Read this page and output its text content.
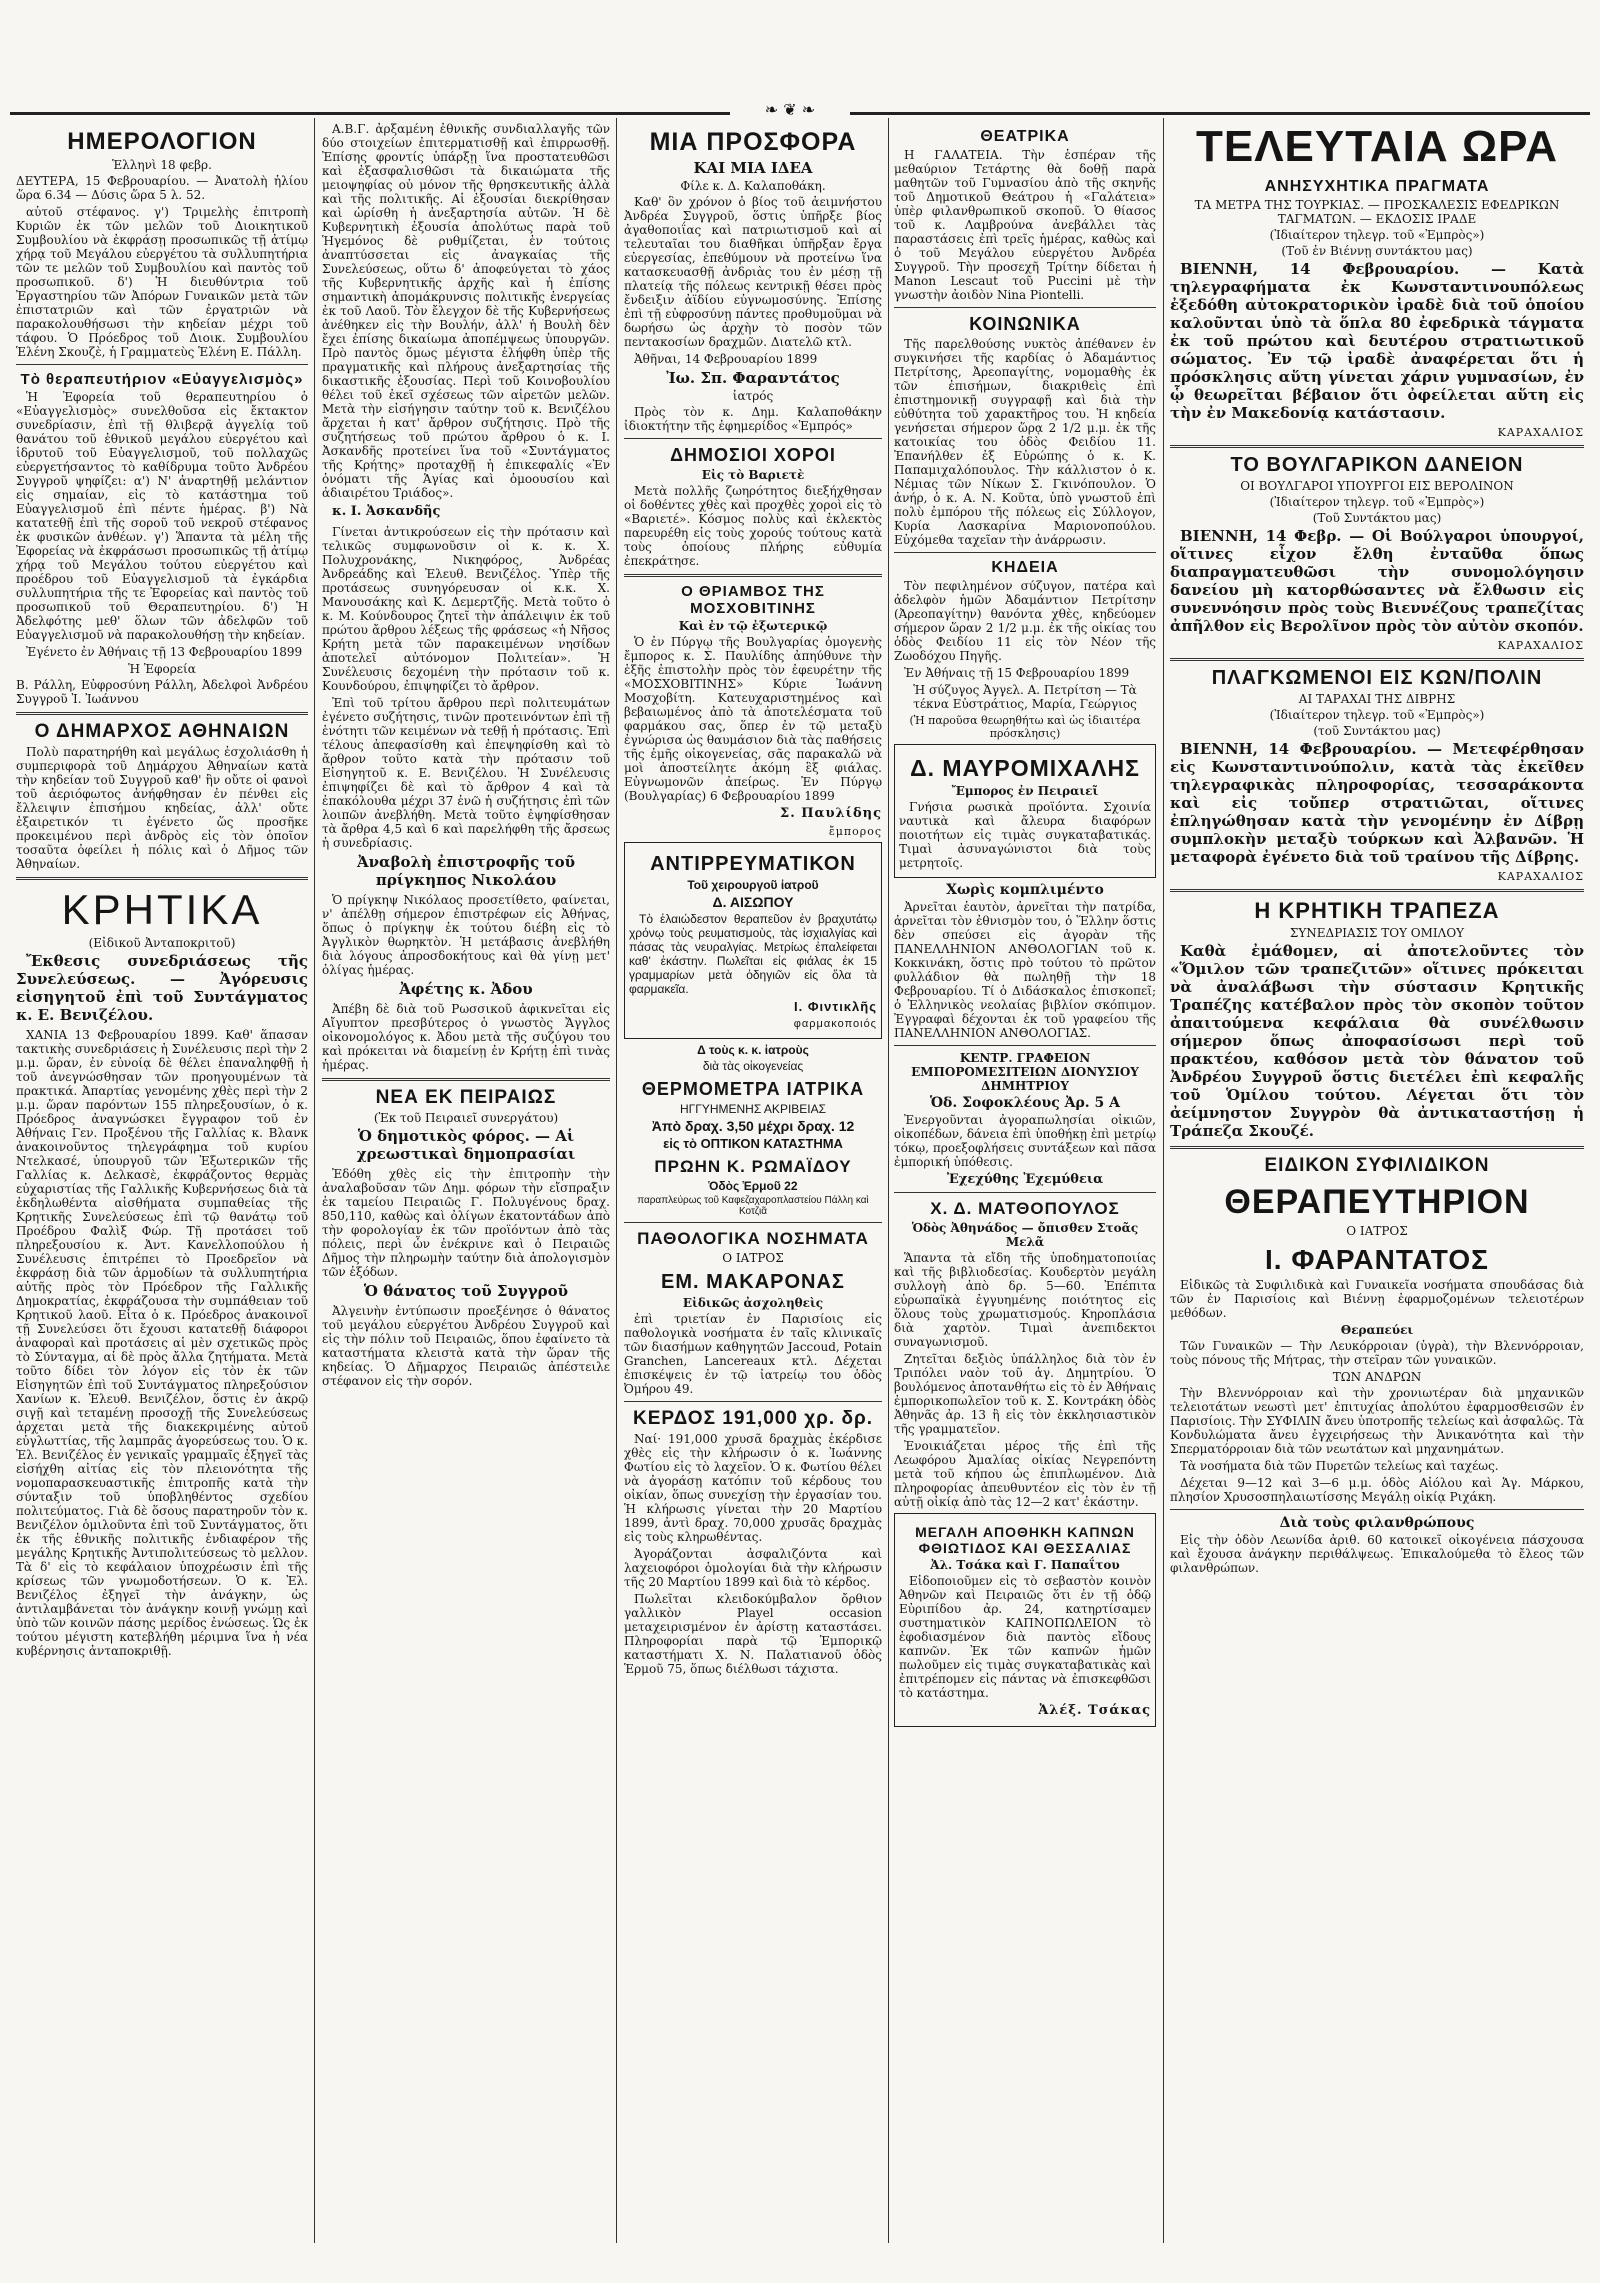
❧ ❦ ❧
ΗΜΕΡΟΛΟΓΙΟΝ
Ἑλληνὶ 18 φεβρ.

ΔΕΥΤΕΡΑ, 15 Φεβρουαρίου. — Ἀνατολὴ ἡλίου ὥρα 6.34 — Δύσις ὥρα 5 λ. 52.

αὐτοῦ στέφανος. γ') Τριμελὴς ἐπιτροπὴ Κυριῶν ἐκ τῶν μελῶν τοῦ Διοικητικοῦ Συμβουλίου νὰ ἐκφράσῃ προσωπικῶς τῇ ἀτίμῳ χήρᾳ τοῦ Μεγάλου εὐεργέτου τὰ συλλυπητήρια τῶν τε μελῶν τοῦ Συμβουλίου καὶ παντὸς τοῦ προσωπικοῦ. δ') Ἡ διευθύντρια τοῦ Ἐργαστηρίου τῶν Ἀπόρων Γυναικῶν μετὰ τῶν ἐπιστατριῶν καὶ τῶν ἐργατριῶν νὰ παρακολουθήσωσι τὴν κηδείαν μέχρι τοῦ τάφου. Ὁ Πρόεδρος τοῦ Διοικ. Συμβουλίου Ἑλένη Σκουζὲ, ἡ Γραμματεὺς Ἑλένη Ε. Πάλλη.

Τὸ θεραπευτήριον «Εὐαγγελισμὸς»

Ἡ Ἐφορεία τοῦ θεραπευτηρίου ὁ «Εὐαγγελισμὸς» συνελθοῦσα εἰς ἔκτακτον συνεδρίασιν, ἐπὶ τῇ θλιβερᾷ ἀγγελίᾳ τοῦ θανάτου τοῦ ἐθνικοῦ μεγάλου εὐεργέτου καὶ ἱδρυτοῦ τοῦ Εὐαγγελισμοῦ, τοῦ πολλαχῶς εὐεργετήσαντος τὸ καθίδρυμα τοῦτο Ἀνδρέου Συγγροῦ ψηφίζει: α') Ν' ἀναρτηθῇ μελάντιον εἰς σημαίαν, εἰς τὸ κατάστημα τοῦ Εὐαγγελισμοῦ ἐπὶ πέντε ἡμέρας. β') Νὰ κατατεθῇ ἐπὶ τῆς σοροῦ τοῦ νεκροῦ στέφανος ἐκ φυσικῶν ἀνθέων. γ') Ἅπαντα τὰ μέλη τῆς Ἐφορείας νὰ ἐκφράσωσι προσωπικῶς τῇ ἀτίμῳ χήρᾳ τοῦ Μεγάλου τούτου εὐεργέτου καὶ προέδρου τοῦ Εὐαγγελισμοῦ τὰ ἐγκάρδια συλλυπητήρια τῆς τε Ἐφορείας καὶ παντὸς τοῦ προσωπικοῦ τοῦ Θεραπευτηρίου. δ') Ἡ Ἀδελφότης μεθ' ὅλων τῶν ἀδελφῶν τοῦ Εὐαγγελισμοῦ νὰ παρακολουθήσῃ τὴν κηδείαν.

Ἐγένετο ἐν Ἀθήναις τῇ 13 Φεβρουαρίου 1899

Ἡ Ἐφορεία

Β. Ράλλη, Εὐφροσύνη Ράλλη, Ἀδελφοὶ Ἀνδρέου Συγγροῦ Ἰ. Ἰωάννου

Ο ΔΗΜΑΡΧΟΣ ΑΘΗΝΑΙΩΝ

Πολὺ παρατηρήθη καὶ μεγάλως ἐσχολιάσθη ἡ συμπεριφορὰ τοῦ Δημάρχου Ἀθηναίων κατὰ τὴν κηδείαν τοῦ Συγγροῦ καθ' ἣν οὔτε οἱ φανοὶ τοῦ ἀεριόφωτος ἀνήφθησαν ἐν πένθει εἰς ἔλλειψιν ἐπισήμου κηδείας, ἀλλ' οὔτε ἐξαιρετικόν τι ἐγένετο ὥς προσῆκε προκειμένου περὶ ἀνδρὸς εἰς τὸν ὁποῖον τοσαῦτα ὀφείλει ἡ πόλις καὶ ὁ Δῆμος τῶν Ἀθηναίων.

ΚΡΗΤΙΚΑ
(Εἰδικοῦ Ἀνταποκριτοῦ)
Ἔκθεσις συνεδριάσεως τῆς Συνελεύσεως. — Ἀγόρευσις εἰσηγητοῦ ἐπὶ τοῦ Συντάγματος κ. Ε. Βενιζέλου.

ΧΑΝΙΑ 13 Φεβρουαρίου 1899. Καθ' ἅπασαν τακτικὴς συνεδριάσεις ἡ Συνέλευσις περὶ τὴν 2 μ.μ. ὥραν, ἐν εὐνοίᾳ δὲ θέλει ἐπαναληφθῇ ἡ τοῦ ἀνεγνώσθησαν τῶν προηγουμένων τὰ πρακτικά. Ἀπαρτίας γενομένης χθὲς περὶ τὴν 2 μ.μ. ὥραν παρόντων 155 πληρεξουσίων, ὁ κ. Πρόεδρος ἀναγνώσκει ἔγγραφον τοῦ ἐν Ἀθήναις Γεν. Προξένου τῆς Γαλλίας κ. Βλανκ ἀνακοινοῦντος τηλεγράφημα τοῦ κυρίου Ντελκασέ, ὑπουργοῦ τῶν Ἐξωτερικῶν τῆς Γαλλίας κ. Δελκασὲ, ἐκφράζοντος θερμὰς εὐχαριστίας τῆς Γαλλικῆς Κυβερνήσεως διὰ τὰ ἐκδηλωθέντα αἰσθήματα συμπαθείας τῆς Κρητικῆς Συνελεύσεως ἐπὶ τῷ θανάτῳ τοῦ Προέδρου Φαλὶξ Φώρ. Τῇ προτάσει τοῦ πληρεξουσίου κ. Ἀντ. Κανελλοπούλου ἡ Συνέλευσις ἐπιτρέπει τὸ Προεδρεῖον νὰ ἐκφράσῃ διὰ τῶν ἁρμοδίων τὰ συλλυπητήρια αὐτῆς πρὸς τὸν Πρόεδρον τῆς Γαλλικῆς Δημοκρατίας, ἐκφράζουσα τὴν συμπάθειαν τοῦ Κρητικοῦ λαοῦ. Εἶτα ὁ κ. Πρόεδρος ἀνακοινοῖ τῇ Συνελεύσει ὅτι ἔχουσι κατατεθῇ διάφοροι ἀναφοραὶ καὶ προτάσεις αἱ μὲν σχετικῶς πρὸς τὸ Σύνταγμα, αἱ δὲ πρὸς ἄλλα ζητήματα. Μετὰ τοῦτο δίδει τὸν λόγον εἰς τὸν ἐκ τῶν Εἰσηγητῶν ἐπὶ τοῦ Συντάγματος πληρεξούσιον Χανίων κ. Ἐλευθ. Βενιζέλον, ὅστις ἐν ἀκρῷ σιγῇ καὶ τεταμένῃ προσοχῇ τῆς Συνελεύσεως ἀρχεται μετὰ τῆς διακεκριμένης αὐτοῦ εὐγλωττίας, τῆς λαμπρᾶς ἀγορεύσεως του. Ὁ κ. Ἐλ. Βενιζέλος ἐν γενικαῖς γραμμαῖς ἐξηγεῖ τὰς εἰσήχθη αἰτίας εἰς τὸν πλειονότητα τῆς νομοπαρασκευαστικῆς ἐπιτροπῆς κατὰ τὴν σύνταξιν τοῦ ὑποβληθέντος σχεδίου πολιτεύματος. Γιὰ δὲ ὅσους παρατηροῦν τὸν κ. Βενιζέλον ὁμιλοῦντα ἐπὶ τοῦ Συντάγματος, ὅτι ἐκ τῆς ἐθνικῆς πολιτικῆς ἐνδιαφέρον τῆς μεγάλης Κρητικῆς Ἀντιπολιτεύσεως τὸ μελλον. Τὰ δ' εἰς τὸ κεφάλαιον ὑποχρέωσιν ἐπὶ τῆς κρίσεως τῶν γνωμοδοτήσεων. Ὁ κ. Ἐλ. Βενιζέλος ἐξηγεῖ τὴν ἀνάγκην, ὡς ἀντιλαμβάνεται τὸν ἀνάγκην κοινῇ γνώμῃ καὶ ὑπὸ τῶν κοινῶν πάσης μερίδος ἐνώσεως. Ὡς ἐκ τούτου μέγιστη κατεβλήθη μέριμνα ἵνα ἡ νέα κυβέρνησις ἀνταποκριθῇ.

Α.Β.Γ. ἀρξαμένη ἐθνικῆς συνδιαλλαγῆς τῶν δύο στοιχείων ἐπιτερματισθῇ καὶ ἐπιρρωσθῇ. Ἐπίσης φροντίς ὑπάρξῃ ἵνα προστατευθῶσι καὶ ἐξασφαλισθῶσι τὰ δικαιώματα τῆς μειοψηφίας οὐ μόνον τῆς θρησκευτικῆς ἀλλὰ καὶ τῆς πολιτικῆς. Αἱ ἐξουσίαι διεκρίθησαν καὶ ὡρίσθη ἡ ἀνεξαρτησία αὐτῶν. Ἡ δὲ Κυβερνητικὴ ἐξουσία ἀπολύτως παρὰ τοῦ Ἡγεμόνος δὲ ρυθμίζεται, ἐν τούτοις ἀναπτύσσεται εἰς ἀναγκαίας τῆς Συνελεύσεως, οὕτω δ' ἀποφεύγεται τὸ χάος τῆς Κυβερνητικῆς ἀρχῆς καὶ ἡ ἐπίσης σημαντικὴ ἀπομάκρυνσις πολιτικῆς ἐνεργείας ἐκ τοῦ Λαοῦ. Τὸν ἔλεγχον δὲ τῆς Κυβερνήσεως ἀνέθηκεν εἰς τὴν Βουλήν, ἀλλ' ἡ Βουλὴ δὲν ἔχει ἐπίσης δικαίωμα ἀποπέμψεως ὑπουργῶν. Πρὸ παντὸς ὅμως μέγιστα ἐλήφθη ὑπὲρ τῆς πραγματικῆς καὶ πλήρους ἀνεξαρτησίας τῆς δικαστικῆς ἐξουσίας. Περὶ τοῦ Κοινοβουλίου θέλει τοῦ ἐκεῖ σχέσεως τῶν αἰρετῶν μελῶν. Μετὰ τὴν εἰσήγησιν ταύτην τοῦ κ. Βενιζέλου ἄρχεται ἡ κατ' ἄρθρον συζήτησις. Πρὸ τῆς συζητήσεως τοῦ πρώτου ἄρθρου ὁ κ. Ι. Ἀσκανδῆς προτείνει ἵνα τοῦ «Συντάγματος τῆς Κρήτης» προταχθῇ ἡ ἐπικεφαλίς «Ἐν ὀνόματι τῆς Ἁγίας καὶ ὁμοουσίου καὶ ἀδιαιρέτου Τριάδος».

κ. Ι. Ἀσκανδῆς

Γίνεται ἀντικρούσεων εἰς τὴν πρότασιν καὶ τελικῶς συμφωνοῦσιν οἱ κ. κ. Χ. Πολυχρονάκης, Νικηφόρος, Ἀνδρέας Ἀνδρεάδης καὶ Ἐλευθ. Βενιζέλος. Ὑπὲρ τῆς προτάσεως συνηγόρευσαν οἱ κ.κ. Χ. Μανουσάκης καὶ Κ. Δεμερτζῆς. Μετὰ τοῦτο ὁ κ. Μ. Κούνδουρος ζητεῖ τὴν ἀπάλειψιν ἐκ τοῦ πρώτου ἄρθρου λέξεως τῆς φράσεως «ἡ Νῆσος Κρήτη μετὰ τῶν παρακειμένων νησίδων ἀποτελεῖ αὐτόνομον Πολιτείαν». Ἡ Συνέλευσις δεχομένη τὴν πρότασιν τοῦ κ. Κουνδούρου, ἐπιψηφίζει τὸ ἄρθρον.

Ἐπὶ τοῦ τρίτου ἄρθρου περὶ πολιτευμάτων ἐγένετο συζήτησις, τινῶν προτεινόντων ἐπὶ τῇ ἑνότητι τῶν κειμένων νὰ τεθῇ ἡ πρότασις. Ἐπὶ τέλους ἀπεφασίσθη καὶ ἐπεψηφίσθη καὶ τὸ ἄρθρον τοῦτο κατὰ τὴν πρότασιν τοῦ Εἰσηγητοῦ κ. Ε. Βενιζέλου. Ἡ Συνέλευσις ἐπιψηφίζει δὲ καὶ τὸ ἄρθρον 4 καὶ τὰ ἐπακόλουθα μέχρι 37 ἐνῶ ἡ συζήτησις ἐπὶ τῶν λοιπῶν ἀνεβλήθη. Μετὰ τοῦτο ἐψηφίσθησαν τὰ ἄρθρα 4,5 καὶ 6 καὶ παρελήφθη τῆς ἄρσεως ἡ συνεδρίασις.

Ἀναβολὴ ἐπιστροφῆς τοῦ πρίγκηπος Νικολάου

Ὁ πρίγκηψ Νικόλαος προσετίθετο, φαίνεται, ν' ἀπέλθῃ σήμερον ἐπιστρέφων εἰς Ἀθήνας, ὅπως ὁ πρίγκηψ ἐκ τούτου διέβη εἰς τὸ Ἀγγλικὸν θωρηκτὸν. Ἡ μετάβασις ἀνεβλήθη διὰ λόγους ἀπροσδοκήτους καὶ θὰ γίνῃ μετ' ὀλίγας ἡμέρας.

Ἀφέτης κ. Ἀδου

Ἀπέβη δὲ διὰ τοῦ Ρωσσικοῦ ἀφικνεῖται εἰς Αἴγυπτον πρεσβύτερος ὁ γνωστὸς Ἄγγλος οἰκονομολόγος κ. Ἀδου μετὰ τῆς συζύγου του καὶ πρόκειται νὰ διαμείνῃ ἐν Κρήτῃ ἐπὶ τινὰς ἡμέρας.

ΝΕΑ ΕΚ ΠΕΙΡΑΙΩΣ
(Ἐκ τοῦ Πειραιεῖ συνεργάτου)
Ὁ δημοτικὸς φόρος. — Αἱ χρεωστικαὶ δημοπρασίαι

Ἐδόθη χθὲς εἰς τὴν ἐπιτροπὴν τὴν ἀναλαβοῦσαν τῶν Δημ. φόρων τὴν εἴσπραξιν ἐκ ταμείου Πειραιῶς Γ. Πολυγένους δραχ. 850,110, καθὼς καὶ ὀλίγων ἑκατοντάδων ἀπὸ τὴν φορολογίαν ἐκ τῶν προϊόντων ἀπὸ τὰς πόλεις, περὶ ὧν ἐνέκρινε καὶ ὁ Πειραιῶς Δῆμος τὴν πληρωμὴν ταύτην διὰ ἀπολογισμὸν τῶν ἐξόδων.

Ὁ θάνατος τοῦ Συγγροῦ

Ἀλγεινὴν ἐντύπωσιν προεξένησε ὁ θάνατος τοῦ μεγάλου εὐεργέτου Ἀνδρέου Συγγροῦ καὶ εἰς τὴν πόλιν τοῦ Πειραιῶς, ὅπου ἐφαίνετο τὰ καταστήματα κλειστὰ κατὰ τὴν ὥραν τῆς κηδείας. Ὁ Δῆμαρχος Πειραιῶς ἀπέστειλε στέφανον εἰς τὴν σορόν.

ΜΙΑ ΠΡΟΣΦΟΡΑ
ΚΑΙ ΜΙΑ ΙΔΕΑ
Φίλε κ. Δ. Καλαποθάκη.

Καθ' ὃν χρόνον ὁ βίος τοῦ ἀειμνήστου Ἀνδρέα Συγγροῦ, ὅστις ὑπῆρξε βίος ἀγαθοποιΐας καὶ πατριωτισμοῦ καὶ αἱ τελευταῖαι του διαθῆκαι ὑπῆρξαν ἔργα εὐεργεσίας, ἐπεθύμουν νὰ προτείνω ἵνα κατασκευασθῇ ἀνδριὰς του ἐν μέσῃ τῇ πλατείᾳ τῆς πόλεως κεντρικῇ θέσει πρὸς ἔνδειξιν ἀϊδίου εὐγνωμοσύνης. Ἐπίσης ἐπὶ τῇ εὐφροσύνῃ πάντες προθυμοῦμαι νὰ δωρήσω ὡς ἀρχὴν τὸ ποσὸν τῶν πεντακοσίων δραχμῶν. Διατελῶ κτλ.

Ἀθῆναι, 14 Φεβρουαρίου 1899

Ἰω. Σπ. Φαραντάτος
ἰατρός

Πρὸς τὸν κ. Δημ. Καλαποθάκην ἰδιοκτήτην τῆς ἐφημερίδος «Ἐμπρός»

ΔΗΜΟΣΙΟΙ ΧΟΡΟΙ
Εἰς τὸ Βαριετὲ

Μετὰ πολλῆς ζωηρότητος διεξήχθησαν οἱ δοθέντες χθὲς καὶ προχθὲς χοροὶ εἰς τὸ «Βαριετέ». Κόσμος πολὺς καὶ ἐκλεκτὸς παρευρέθη εἰς τοὺς χορούς τούτους κατὰ τοὺς ὁποίους πλήρης εὐθυμία ἐπεκράτησε.

Ο ΘΡΙΑΜΒΟΣ ΤΗΣ ΜΟΣΧΟΒΙΤΙΝΗΣ
Καὶ ἐν τῷ ἐξωτερικῷ

Ὁ ἐν Πύργῳ τῆς Βουλγαρίας ὁμογενὴς ἔμπορος κ. Σ. Παυλίδης ἀπηύθυνε τὴν ἑξῆς ἐπιστολὴν πρὸς τὸν ἐφευρέτην τῆς «ΜΟΣΧΟΒΙΤΙΝΗΣ» Κύριε Ἰωάννη Μοσχοβίτη. Κατευχαριστημένος καὶ βεβαιωμένος ἀπὸ τὰ ἀποτελέσματα τοῦ φαρμάκου σας, ὅπερ ἐν τῷ μεταξὺ ἐγνώρισα ὡς θαυμάσιον διὰ τὰς παθήσεις τῆς ἐμῆς οἰκογενείας, σᾶς παρακαλῶ νὰ μοὶ ἀποστείλητε ἀκόμη ἓξ φιάλας. Εὐγνωμονῶν ἀπείρως. Ἐν Πύργῳ (Βουλγαρίας) 6 Φεβρουαρίου 1899

Σ. Παυλίδης
ἔμπορος
ΑΝΤΙΡΡΕΥΜΑΤΙΚΟΝ
Τοῦ χειρουργοῦ ἰατροῦ
Δ. ΑΙΣΩΠΟΥ

Τὸ ἐλαιώδεστον θεραπεῦον ἐν βραχυτάτῳ χρόνῳ τοὺς ρευματισμοὺς, τὰς ἰσχιαλγίας καὶ πάσας τὰς νευραλγίας. Μετρίως ἐπαλείφεται καθ' ἑκάστην. Πωλεῖται εἰς φιάλας ἐκ 15 γραμμαρίων μετὰ ὁδηγιῶν εἰς ὅλα τὰ φαρμακεῖα.

Ι. Φιντικλῆς
φαρμακοποιός
Δ τοὺς κ. κ. ἰατροὺς
διὰ τὰς οἰκογενείας
ΘΕΡΜΟΜΕΤΡΑ ΙΑΤΡΙΚΑ
ΗΓΓΥΗΜΕΝΗΣ ΑΚΡΙΒΕΙΑΣ
Ἀπὸ δραχ. 3,50 μέχρι δραχ. 12
εἰς τὸ ΟΠΤΙΚΟΝ ΚΑΤΑΣΤΗΜΑ
ΠΡΩΗΝ Κ. ΡΩΜΑΪΔΟΥ
Ὁδὸς Ἑρμοῦ 22
παραπλεύρως τοῦ Καφεζαχαροπλαστείου Πάλλη καὶ Κοτζιᾶ
ΠΑΘΟΛΟΓΙΚΑ ΝΟΣΗΜΑΤΑ
Ο ΙΑΤΡΟΣ
ΕΜ. ΜΑΚΑΡΟΝΑΣ
Εἰδικῶς ἀσχοληθεὶς

ἐπὶ τριετίαν ἐν Παρισίοις εἰς παθολογικὰ νοσήματα ἐν ταῖς κλινικαῖς τῶν διασήμων καθηγητῶν Jaccoud, Potain Granchen, Lancereaux κτλ. Δέχεται ἐπισκέψεις ἐν τῷ ἰατρείῳ του ὁδὸς Ὀμήρου 49.

ΚΕΡΔΟΣ 191,000 χρ. δρ.

Ναί· 191,000 χρυσᾶ δραχμὰς ἐκέρδισε χθὲς εἰς τὴν κλήρωσιν ὁ κ. Ἰωάννης Φωτίου εἰς τὸ λαχεῖον. Ὁ κ. Φωτίου θέλει νὰ ἀγοράσῃ κατόπιν τοῦ κέρδους του οἰκίαν, ὅπως συνεχίσῃ τὴν ἐργασίαν του. Ἡ κλήρωσις γίνεται τὴν 20 Μαρτίου 1899, ἀντὶ δραχ. 70,000 χρυσᾶς δραχμὰς εἰς τοὺς κληρωθέντας.

Ἀγοράζονται ἀσφαλιζόντα καὶ λαχειοφόροι ὁμολογίαι διὰ τὴν κλήρωσιν τῆς 20 Μαρτίου 1899 καὶ διὰ τὸ κέρδος.

Πωλεῖται κλειδοκύμβαλον ὄρθιον γαλλικὸν Playel occasion μεταχειρισμένον ἐν ἀρίστῃ καταστάσει. Πληροφορίαι παρὰ τῷ Ἐμπορικῷ καταστήματι Χ. Ν. Παλατιανοῦ ὁδὸς Ἑρμοῦ 75, ὅπως διέλθωσι τάχιστα.

ΘΕΑΤΡΙΚΑ

Η ΓΑΛΑΤΕΙΑ. Τὴν ἑσπέραν τῆς μεθαύριον Τετάρτης θὰ δοθῇ παρὰ μαθητῶν τοῦ Γυμνασίου ἀπὸ τῆς σκηνῆς τοῦ Δημοτικοῦ Θεάτρου ἡ «Γαλάτεια» ὑπὲρ φιλανθρωπικοῦ σκοποῦ. Ὁ θίασος τοῦ κ. Λαμβρούνα ἀνεβάλλει τὰς παραστάσεις ἐπὶ τρεῖς ἡμέρας, καθὼς καὶ ὁ τοῦ Μεγάλου εὐεργέτου Ἀνδρέα Συγγροῦ. Τὴν προσεχῆ Τρίτην δίδεται ἡ Manon Lescaut τοῦ Puccini μὲ τὴν γνωστὴν ἀοιδὸν Nina Piontelli.

ΚΟΙΝΩΝΙΚΑ

Τῆς παρελθούσης νυκτὸς ἀπέθανεν ἐν συγκινήσει τῆς καρδίας ὁ Ἀδαμάντιος Πετρίτσης, Ἀρεοπαγίτης, νομομαθὴς ἐκ τῶν ἐπισήμων, διακριθεὶς ἐπὶ ἐπιστημονικῇ συγγραφῇ καὶ διὰ τὴν εὐθύτητα τοῦ χαρακτῆρος του. Ἡ κηδεία γενήσεται σήμερον ὥρᾳ 2 1/2 μ.μ. ἐκ τῆς κατοικίας του ὁδὸς Φειδίου 11. Ἐπανήλθεν ἐξ Εὐρώπης ὁ κ. Κ. Παπαμιχαλόπουλος. Τὴν κάλλιστον ὁ κ. Νέμιας τῶν Νίκων Σ. Γκινόπουλον. Ὁ ἀνήρ, ὁ κ. Α. Ν. Κοῦτα, ὑπὸ γνωστοῦ ἐπὶ πολὺ ἐμπόρου τῆς πόλεως εἰς Σύλλογον, Κυρία Λασκαρίνα Μαριονοπούλου. Εὐχόμεθα ταχεῖαν τὴν ἀνάρρωσιν.

ΚΗΔΕΙΑ

Τὸν πεφιλημένον σύζυγον, πατέρα καὶ ἀδελφὸν ἡμῶν Ἀδαμάντιον Πετρίτσην (Ἀρεοπαγίτην) θανόντα χθὲς, κηδεύομεν σήμερον ὥραν 2 1/2 μ.μ. ἐκ τῆς οἰκίας του ὁδὸς Φειδίου 11 εἰς τὸν Νέον τῆς Ζωοδόχου Πηγῆς.

Ἐν Ἀθήναις τῇ 15 Φεβρουαρίου 1899

Ἡ σύζυγος Ἀγγελ. Α. Πετρίτση — Τὰ τέκνα Εὐστράτιος, Μαρία, Γεώργιος

(Ἡ παροῦσα θεωρηθήτω καὶ ὡς ἰδιαιτέρα πρόσκλησις)
Δ. ΜΑΥΡΟΜΙΧΑΛΗΣ
Ἔμπορος ἐν Πειραιεῖ

Γνήσια ρωσικὰ προϊόντα. Σχοινία ναυτικὰ καὶ ἄλευρα διαφόρων ποιοτήτων εἰς τιμὰς συγκαταβατικάς. Τιμαὶ ἀσυναγώνιστοι διὰ τοὺς μετρητοῖς.

Χωρὶς κομπλιμέντο

Ἀρνεῖται ἑαυτὸν, ἀρνεῖται τὴν πατρίδα, ἀρνεῖται τὸν ἐθνισμὸν του, ὁ Ἕλλην ὅστις δὲν σπεύσει εἰς ἀγορὰν τῆς ΠΑΝΕΛΛΗΝΙΟΝ ΑΝΘΟΛΟΓΙΑΝ τοῦ κ. Κοκκινάκη, ὅστις πρὸ τούτου τὸ πρῶτον φυλλάδιον θὰ πωληθῇ τὴν 18 Φεβρουαρίου. Τί ὁ Διδάσκαλος ἐπισκοπεῖ; ὁ Ἑλληνικὸς νεολαίας βιβλίον σκόπιμον. Ἐγγραφαὶ δέχονται ἐκ τοῦ γραφείου τῆς ΠΑΝΕΛΛΗΝΙΟΝ ΑΝΘΟΛΟΓΙΑΣ.

ΚΕΝΤΡ. ΓΡΑΦΕΙΟΝ ΕΜΠΟΡΟΜΕΣΙΤΕΙΩΝ ΔΙΟΝΥΣΙΟΥ ΔΗΜΗΤΡΙΟΥ
Ὁδ. Σοφοκλέους Ἀρ. 5 Α

Ἐνεργοῦνται ἀγοραπωλησίαι οἰκιῶν, οἰκοπέδων, δάνεια ἐπὶ ὑποθήκῃ ἐπὶ μετρίῳ τόκῳ, προεξοφλήσεις συντάξεων καὶ πᾶσα ἐμπορική ὑπόθεσις.

Ἐχεχύθης Ἐχεμύθεια
Χ. Δ. ΜΑΤΘΟΠΟΥΛΟΣ
Ὁδὸς Ἀθηνάδος — ὄπισθεν Στοᾶς Μελᾶ

Ἅπαντα τὰ εἴδη τῆς ὑποδηματοποιίας καὶ τῆς βιβλιοδεσίας. Κουδερτὸν μεγάλη συλλογὴ ἀπὸ δρ. 5—60. Ἐπέπιτα εὐρωπαϊκὰ ἐγγυημένης ποιότητος εἰς ὅλους τοὺς χρωματισμούς. Κηροπλάσια διὰ χαρτὸν. Τιμαὶ ἀνεπιδεκτοι συναγωνισμοῦ.

Ζητεῖται δεξιὸς ὑπάλληλος διὰ τὸν ἐν Τριπόλει ναὸν τοῦ ἁγ. Δημητρίου. Ὁ βουλόμενος ἀποτανθήτω εἰς τὸ ἐν Ἀθήναις ἐμπορικοπωλεῖον τοῦ κ. Σ. Κοντράκη ὁδὸς Ἀθηνᾶς ἀρ. 13 ἢ εἰς τὸν ἐκκλησιαστικὸν τῆς γραμματεῖον.

Ἐνοικιάζεται μέρος τῆς ἐπὶ τῆς Λεωφόρου Ἀμαλίας οἰκίας Νεγρεπόντη μετὰ τοῦ κήπου ὡς ἐπιπλωμένον. Διὰ πληροφορίας ἀπευθυντέον εἰς τὸν ἐν τῇ αὐτῇ οἰκίᾳ ἀπὸ τὰς 12—2 κατ' ἐκάστην.

ΜΕΓΑΛΗ ΑΠΟΘΗΚΗ ΚΑΠΝΩΝ ΦΘΙΩΤΙΔΟΣ ΚΑΙ ΘΕΣΣΑΛΙΑΣ
Ἀλ. Τσάκα καὶ Γ. Παπαΐτου

Εἰδοποιοῦμεν εἰς τὸ σεβαστὸν κοινὸν Ἀθηνῶν καὶ Πειραιῶς ὅτι ἐν τῇ ὁδῷ Εὐριπίδου ἀρ. 24, κατηρτίσαμεν συστηματικὸν ΚΑΠΝΟΠΩΛΕΙΟΝ τὸ ἐφοδιασμένον διὰ παντὸς εἴδους καπνῶν. Ἐκ τῶν καπνῶν ἡμῶν πωλοῦμεν εἰς τιμὰς συγκαταβατικὰς καὶ ἐπιτρέπομεν εἰς πάντας νὰ ἐπισκεφθῶσι τὸ κατάστημα.

Ἀλέξ. Τσάκας
ΤΕΛΕΥΤΑΙΑ ΩΡΑ
ΑΝΗΣΥΧΗΤΙΚΑ ΠΡΑΓΜΑΤΑ
ΤΑ ΜΕΤΡΑ ΤΗΣ ΤΟΥΡΚΙΑΣ. — ΠΡΟΣΚΑΛΕΣΙΣ ΕΦΕΔΡΙΚΩΝ ΤΑΓΜΑΤΩΝ. — ΕΚΔΟΣΙΣ ΙΡΑΔΕ
(Ἰδιαίτερον τηλεγρ. τοῦ «Ἐμπρὸς»)
(Τοῦ ἐν Βιέννῃ συντάκτου μας)
ΒΙΕΝΝΗ, 14 Φεβρουαρίου. — Κατὰ τηλεγραφήματα ἐκ Κωνσταντινουπόλεως ἐξεδόθη αὐτοκρατορικὸν ἰραδὲ διὰ τοῦ ὁποίου καλοῦνται ὑπὸ τὰ ὅπλα 80 ἐφεδρικὰ τάγματα ἐκ τοῦ πρώτου καὶ δευτέρου στρατιωτικοῦ σώματος. Ἐν τῷ ἰραδὲ ἀναφέρεται ὅτι ἡ πρόσκλησις αὕτη γίνεται χάριν γυμνασίων, ἐν ᾧ θεωρεῖται βέβαιον ὅτι ὀφείλεται αὕτη εἰς τὴν ἐν Μακεδονίᾳ κατάστασιν.
ΚΑΡΑΧΑΛΙΟΣ
ΤΟ ΒΟΥΛΓΑΡΙΚΟΝ ΔΑΝΕΙΟΝ
ΟΙ ΒΟΥΛΓΑΡΟΙ ΥΠΟΥΡΓΟΙ ΕΙΣ ΒΕΡΟΛΙΝΟΝ
(Ἰδιαίτερον τηλεγρ. τοῦ «Ἐμπρὸς»)
(Τοῦ Συντάκτου μας)
ΒΙΕΝΝΗ, 14 Φεβρ. — Οἱ Βούλγαροι ὑπουργοί, οἵτινες εἶχον ἔλθη ἐνταῦθα ὅπως διαπραγματευθῶσι τὴν συνομολόγησιν δανείου μὴ κατορθώσαντες νὰ ἔλθωσιν εἰς συνεννόησιν πρὸς τοὺς Βιεννέζους τραπεζίτας ἀπῆλθον εἰς Βερολῖνον πρὸς τὸν αὐτὸν σκοπόν.
ΚΑΡΑΧΑΛΙΟΣ
ΠΛΑΓΚΩΜΕΝΟΙ ΕΙΣ ΚΩΝ/ΠΟΛΙΝ
ΑΙ ΤΑΡΑΧΑΙ ΤΗΣ ΔΙΒΡΗΣ
(Ἰδιαίτερον τηλεγρ. τοῦ «Ἐμπρὸς»)
(τοῦ Συντάκτου μας)
ΒΙΕΝΝΗ, 14 Φεβρουαρίου. — Μετεφέρθησαν εἰς Κωνσταντινούπολιν, κατὰ τὰς ἐκεῖθεν τηλεγραφικὰς πληροφορίας, τεσσαράκοντα καὶ εἰς τοὔπερ στρατιῶται, οἵτινες ἐπληγώθησαν κατὰ τὴν γενομένην ἐν Δίβρῃ συμπλοκὴν μεταξὺ τούρκων καὶ Ἀλβανῶν. Ἡ μεταφορὰ ἐγένετο διὰ τοῦ τραίνου τῆς Δίβρης.
ΚΑΡΑΧΑΛΙΟΣ
Η ΚΡΗΤΙΚΗ ΤΡΑΠΕΖΑ
ΣΥΝΕΔΡΙΑΣΙΣ ΤΟΥ ΟΜΙΛΟΥ
Καθὰ ἐμάθομεν, αἱ ἀποτελοῦντες τὸν «Ὅμιλον τῶν τραπεζιτῶν» οἵτινες πρόκειται νὰ ἀναλάβωσι τὴν σύστασιν Κρητικῆς Τραπέζης κατέβαλον πρὸς τὸν σκοπὸν τοῦτον ἀπαιτούμενα κεφάλαια θὰ συνέλθωσιν σήμερον ὅπως ἀποφασίσωσι περὶ τοῦ πρακτέου, καθόσον μετὰ τὸν θάνατον τοῦ Ἀνδρέου Συγγροῦ ὅστις διετέλει ἐπὶ κεφαλῆς τοῦ Ὁμίλου τούτου. Λέγεται ὅτι τὸν ἀείμνηστον Συγγρὸν θὰ ἀντικαταστήσῃ ἡ Τράπεζα Σκουζέ.
ΕΙΔΙΚΟΝ ΣΥΦΙΛΙΔΙΚΟΝ
ΘΕΡΑΠΕΥΤΗΡΙΟΝ
Ο ΙΑΤΡΟΣ
Ι. ΦΑΡΑΝΤΑΤΟΣ

Εἰδικῶς τὰ Συφιλιδικὰ καὶ Γυναικεῖα νοσήματα σπουδάσας διὰ τῶν ἐν Παρισίοις καὶ Βιέννῃ ἐφαρμοζομένων τελειοτέρων μεθόδων.

Θεραπεύει

Τῶν Γυναικῶν — Τὴν Λευκόρροιαν (ὑγρὰ), τὴν Βλεννόρροιαν, τοὺς πόνους τῆς Μήτρας, τὴν στεῖραν τῶν γυναικῶν.

ΤΩΝ ΑΝΔΡΩΝ

Τὴν Βλεννόρροιαν καὶ τὴν χρονιωτέραν διὰ μηχανικῶν τελειοτάτων νεωστὶ μετ' ἐπιτυχίας ἀπολύτου ἐφαρμοσθεισῶν ἐν Παρισίοις. Τὴν ΣΥΦΙΛΙΝ ἄνευ ὑποτροπῆς τελείως καὶ ἀσφαλῶς. Τὰ Κονδυλώματα ἄνευ ἐγχειρήσεως τὴν Ἀνικανότητα καὶ τὴν Σπερματόρροιαν διὰ τῶν νεωτάτων καὶ μηχανημάτων.

Τὰ νοσήματα διὰ τῶν Πυρετῶν τελείως καὶ ταχέως.

Δέχεται 9—12 καὶ 3—6 μ.μ. ὁδὸς Αἰόλου καὶ Ἁγ. Μάρκου, πλησίον Χρυσοσπηλαιωτίσσης Μεγάλῃ οἰκίᾳ Ριχάκη.

Διὰ τοὺς φιλανθρώπους

Εἰς τὴν ὁδὸν Λεωνίδα ἀριθ. 60 κατοικεῖ οἰκογένεια πάσχουσα καὶ ἔχουσα ἀνάγκην περιθάλψεως. Ἐπικαλούμεθα τὸ ἔλεος τῶν φιλανθρώπων.
